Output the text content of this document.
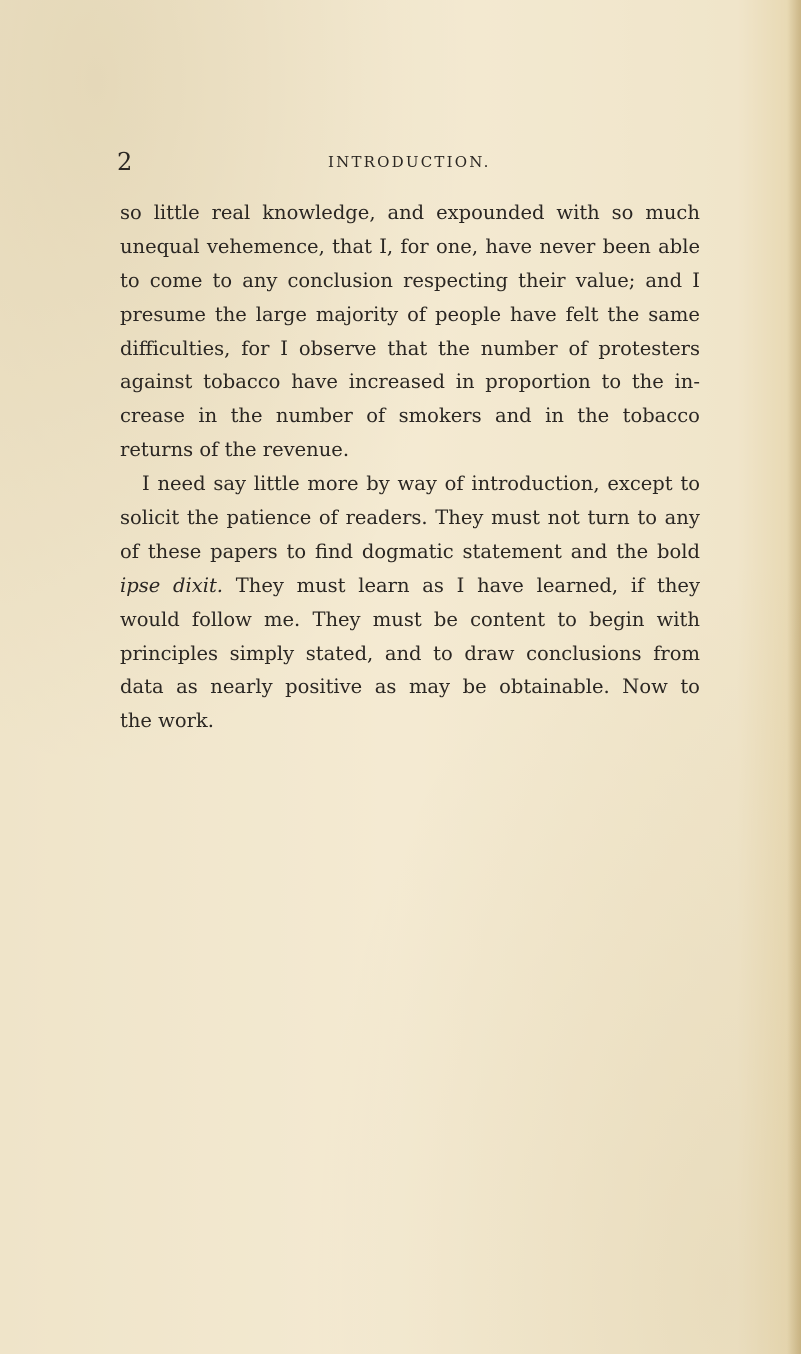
2	INTRODUCTION.
so little real knowledge, and expounded with so much
unequal vehemence, that I, for one, have never been able
to come to any conclusion respecting their value; and I
presume the large majority of people have felt the same
difficulties, for I observe that the number of protesters
against tobacco have increased in proportion to the in-
crease in the number of smokers and in the tobacco
returns of the revenue.
I need say little more by way of introduction, except to
solicit the patience of readers. They must not turn to any
of these papers to find dogmatic statement and the bold
ipse dixit. They must learn as I have learned, if they
would follow me. They must be content to begin with
principles simply stated, and to draw conclusions from
data as nearly positive as may be obtainable. Now to
the work.
